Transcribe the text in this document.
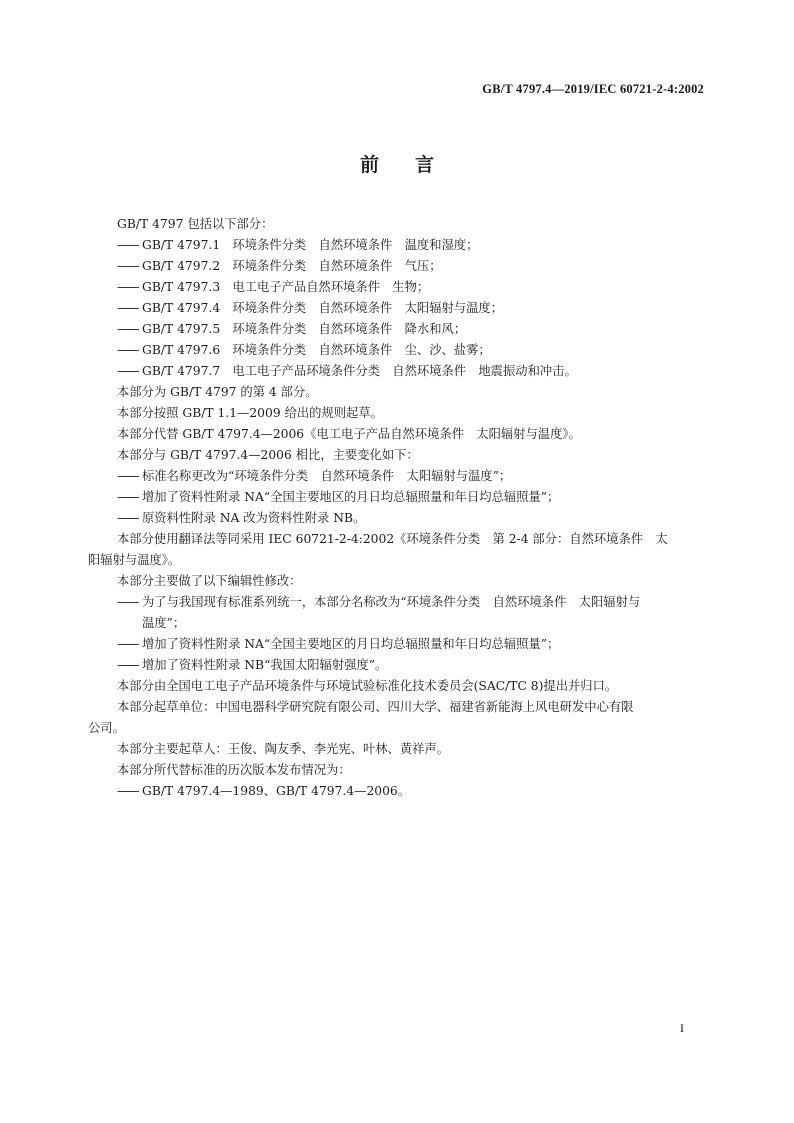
GB/T 4797.4—2019/IEC 60721-2-4:2002
前言
GB/T 4797 包括以下部分：
—— GB/T 4797.1　环境条件分类　自然环境条件　温度和湿度；
—— GB/T 4797.2　环境条件分类　自然环境条件　气压；
—— GB/T 4797.3　电工电子产品自然环境条件　生物；
—— GB/T 4797.4　环境条件分类　自然环境条件　太阳辐射与温度；
—— GB/T 4797.5　环境条件分类　自然环境条件　降水和风；
—— GB/T 4797.6　环境条件分类　自然环境条件　尘、沙、盐雾；
—— GB/T 4797.7　电工电子产品环境条件分类　自然环境条件　地震振动和冲击。
本部分为 GB/T 4797 的第 4 部分。
本部分按照 GB/T 1.1—2009 给出的规则起草。
本部分代替 GB/T 4797.4—2006《电工电子产品自然环境条件　太阳辐射与温度》。
本部分与 GB/T 4797.4—2006 相比，主要变化如下：
—— 标准名称更改为“环境条件分类　自然环境条件　太阳辐射与温度”；
—— 增加了资料性附录 NA“全国主要地区的月日均总辐照量和年日均总辐照量”；
—— 原资料性附录 NA 改为资料性附录 NB。
本部分使用翻译法等同采用 IEC 60721-2-4:2002《环境条件分类　第 2-4 部分：自然环境条件　太
阳辐射与温度》。
本部分主要做了以下编辑性修改：
—— 为了与我国现有标准系列统一，本部分名称改为“环境条件分类　自然环境条件　太阳辐射与
温度”；
—— 增加了资料性附录 NA“全国主要地区的月日均总辐照量和年日均总辐照量”；
—— 增加了资料性附录 NB“我国太阳辐射强度”。
本部分由全国电工电子产品环境条件与环境试验标准化技术委员会(SAC/TC 8)提出并归口。
本部分起草单位：中国电器科学研究院有限公司、四川大学、福建省新能海上风电研发中心有限
公司。
本部分主要起草人：王俊、陶友季、李光宪、叶林、黄祥声。
本部分所代替标准的历次版本发布情况为：
—— GB/T 4797.4—1989、GB/T 4797.4—2006。
I
